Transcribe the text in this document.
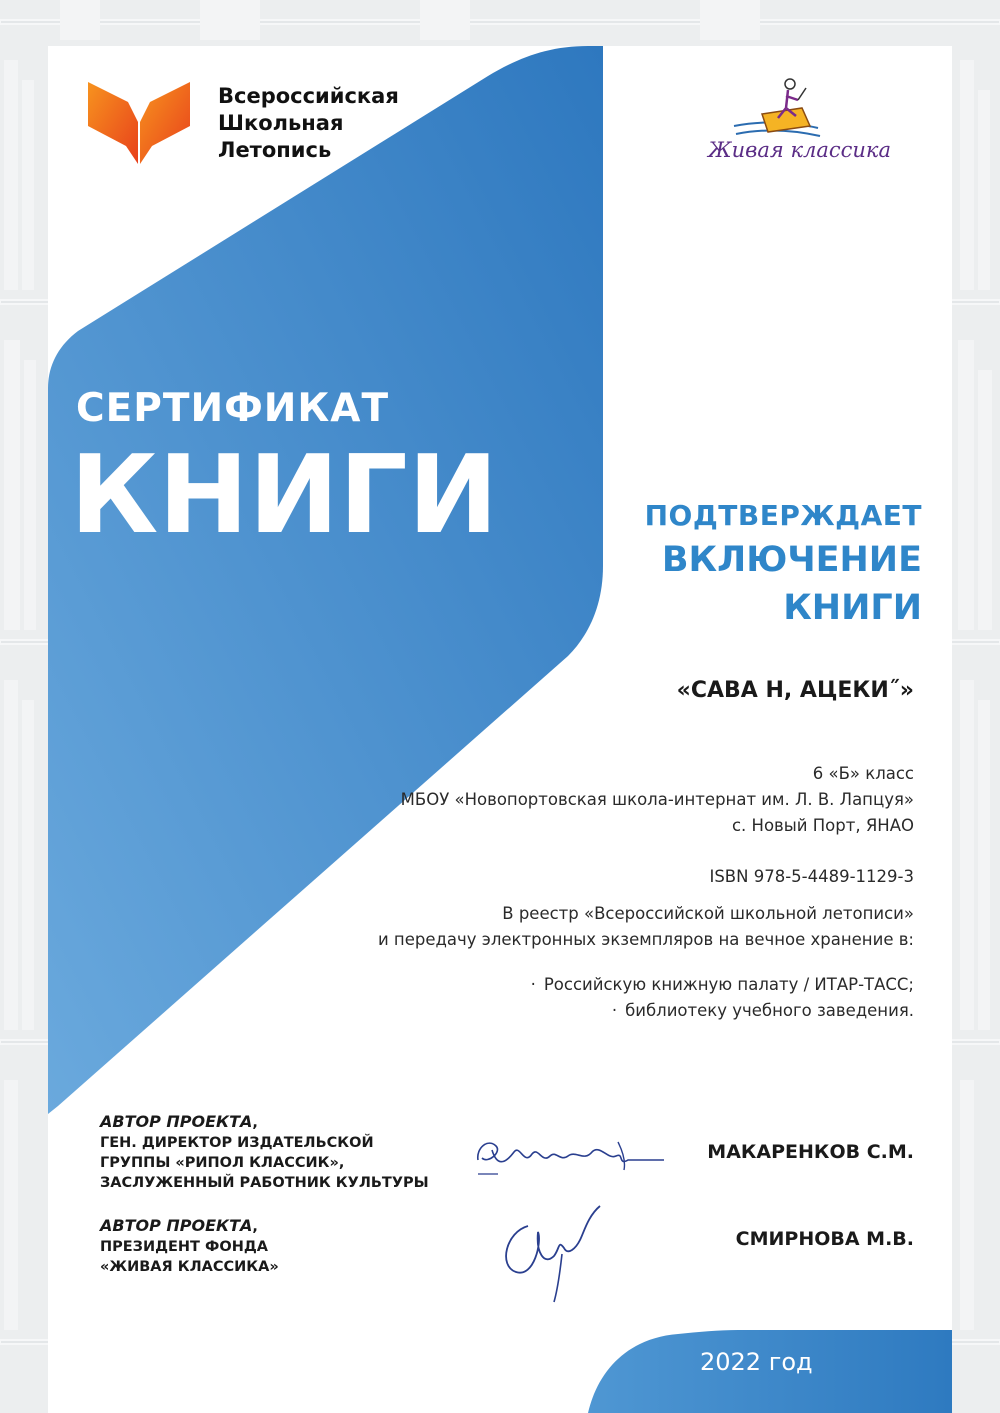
Всероссийская
Школьная
Летопись	Живая классика
СЕРТИФИКАТ
КНИГИ	ПОДТВЕРЖДАЕТ
ВКЛЮЧЕНИЕ
КНИГИ
«САВА Н, АЦЕКИ˝»
6 «Б» класс
МБОУ «Новопортовская школа-интернат им. Л. В. Лапцуя»
с. Новый Порт, ЯНАО
ISBN 978-5-4489-1129-3
В реестр «Всероссийской школьной летописи»
и передачу электронных экземпляров на вечное хранение в:
· Российскую книжную палату / ИТАР-ТАСС;
· библиотеку учебного заведения.
АВТОР ПРОЕКТА,
ГЕН. ДИРЕКТОР ИЗДАТЕЛЬСКОЙ
ГРУППЫ «РИПОЛ КЛАССИК»,
ЗАСЛУЖЕННЫЙ РАБОТНИК КУЛЬТУРЫ
АВТОР ПРОЕКТА,
ПРЕЗИДЕНТ ФОНДА
«ЖИВАЯ КЛАССИКА»
МАКАРЕНКОВ С.М.
СМИРНОВА М.В.
2022 год
